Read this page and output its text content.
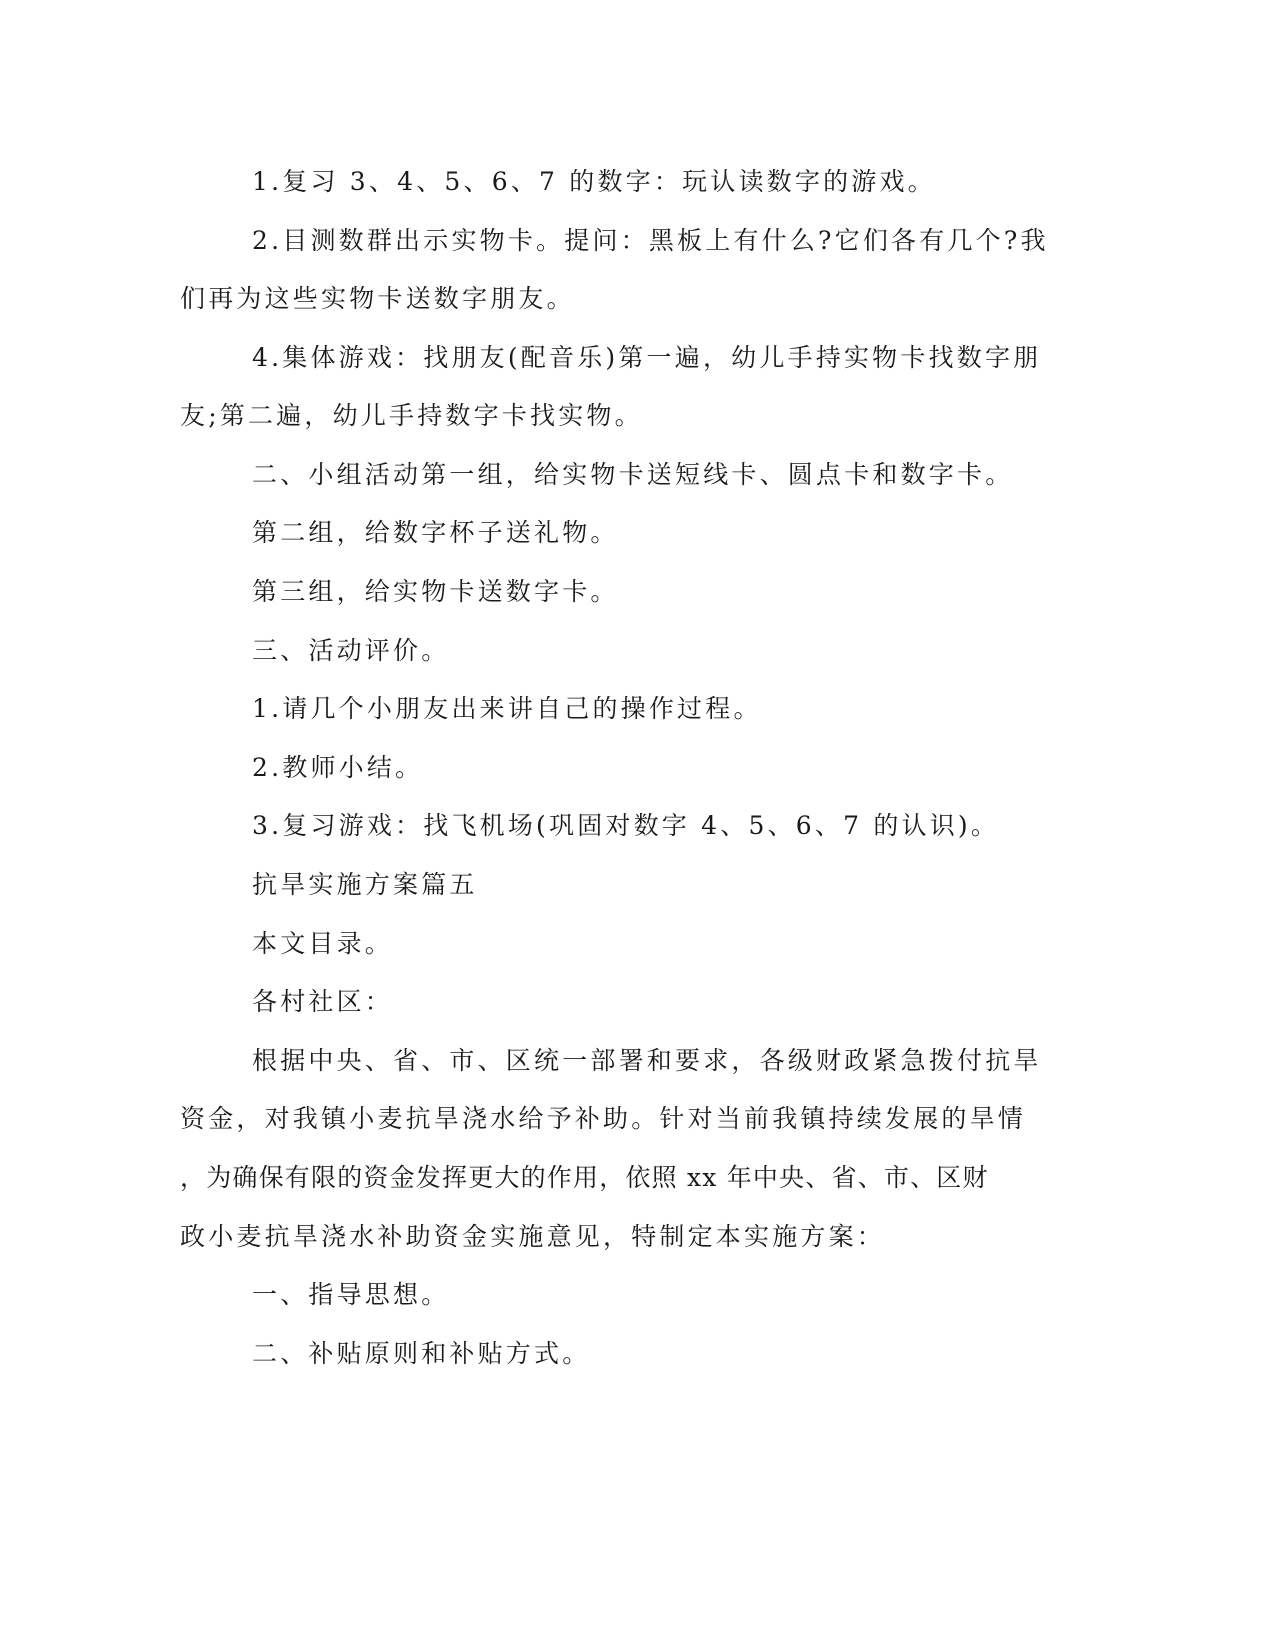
1.复习 3、4、5、6、7 的数字：玩认读数字的游戏。
2.目测数群出示实物卡。提问：黑板上有什么?它们各有几个?我
们再为这些实物卡送数字朋友。
4.集体游戏：找朋友(配音乐)第一遍，幼儿手持实物卡找数字朋
友;第二遍，幼儿手持数字卡找实物。
二、小组活动第一组，给实物卡送短线卡、圆点卡和数字卡。
第二组，给数字杯子送礼物。
第三组，给实物卡送数字卡。
三、活动评价。
1.请几个小朋友出来讲自己的操作过程。
2.教师小结。
3.复习游戏：找飞机场(巩固对数字 4、5、6、7 的认识)。
抗旱实施方案篇五
本文目录。
各村社区：
根据中央、省、市、区统一部署和要求，各级财政紧急拨付抗旱
资金，对我镇小麦抗旱浇水给予补助。针对当前我镇持续发展的旱情
，为确保有限的资金发挥更大的作用，依照 xx 年中央、省、市、区财
政小麦抗旱浇水补助资金实施意见，特制定本实施方案：
一、指导思想。
二、补贴原则和补贴方式。
